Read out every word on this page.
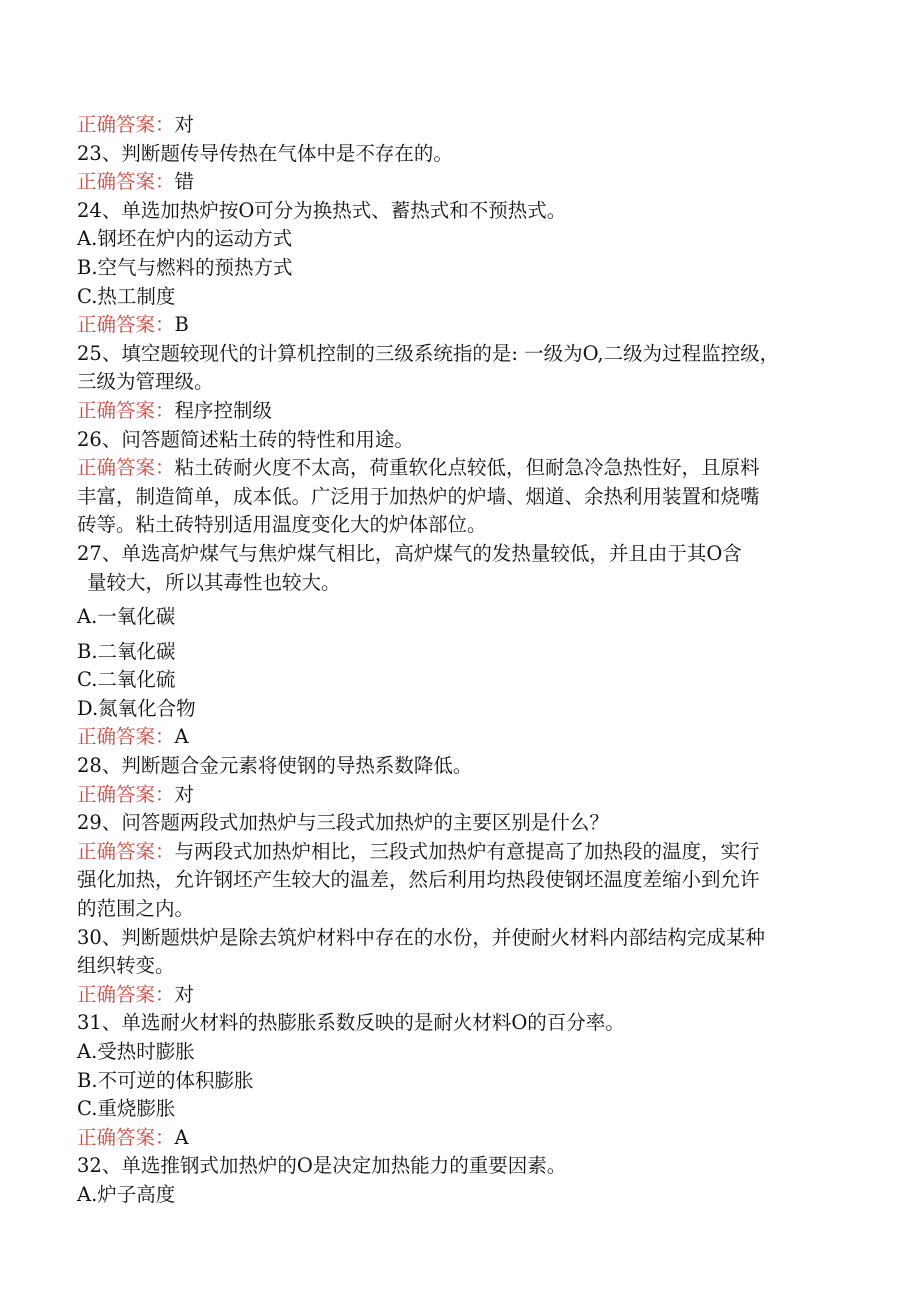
正确答案：对
23、判断题传导传热在气体中是不存在的。
正确答案：错
24、单选加热炉按O可分为换热式、蓄热式和不预热式。
A.钢坯在炉内的运动方式
B.空气与燃料的预热方式
C.热工制度
正确答案：B
25、填空题较现代的计算机控制的三级系统指的是: 一级为O,二级为过程监控级，
三级为管理级。
正确答案：程序控制级
26、问答题简述粘土砖的特性和用途。
正确答案：粘土砖耐火度不太高，荷重软化点较低，但耐急冷急热性好，且原料
丰富，制造简单，成本低。广泛用于加热炉的炉墙、烟道、余热利用装置和烧嘴
砖等。粘土砖特别适用温度变化大的炉体部位。
27、单选高炉煤气与焦炉煤气相比，高炉煤气的发热量较低，并且由于其O含
量较大，所以其毒性也较大。
A.一氧化碳
B.二氧化碳
C.二氧化硫
D.氮氧化合物
正确答案：A
28、判断题合金元素将使钢的导热系数降低。
正确答案：对
29、问答题两段式加热炉与三段式加热炉的主要区别是什么？
正确答案：与两段式加热炉相比，三段式加热炉有意提高了加热段的温度，实行
强化加热，允许钢坯产生较大的温差，然后利用均热段使钢坯温度差缩小到允许
的范围之内。
30、判断题烘炉是除去筑炉材料中存在的水份，并使耐火材料内部结构完成某种
组织转变。
正确答案：对
31、单选耐火材料的热膨胀系数反映的是耐火材料O的百分率。
A.受热时膨胀
B.不可逆的体积膨胀
C.重烧膨胀
正确答案：A
32、单选推钢式加热炉的O是决定加热能力的重要因素。
A.炉子高度
